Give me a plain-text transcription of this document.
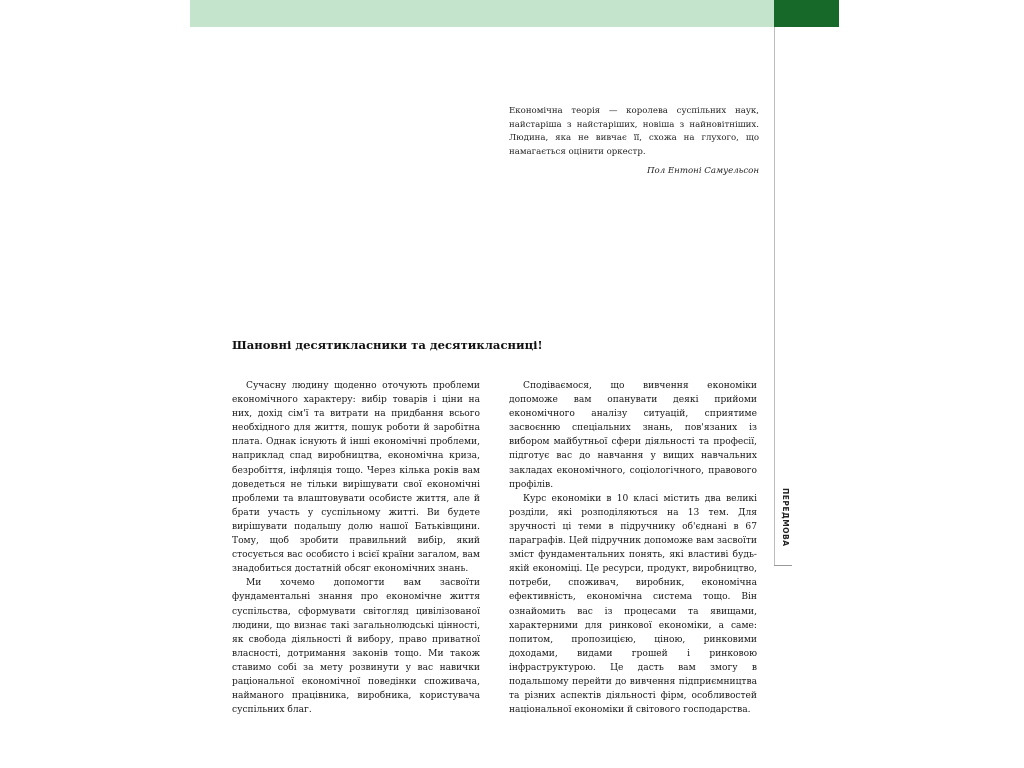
ПЕРЕДМОВА

Економічна теорія — королева суспільних наук, найстаріша з найстаріших, новіша з найновітніших. Людина, яка не вивчає її, схожа на глухого, що намагається оцінити оркестр.

Пол Ентоні Самуельсон

Шановні десятикласники та десятикласниці!

Сучасну людину щоденно оточують проблеми економічного характеру: вибір товарів і ціни на них, дохід сім'ї та витрати на придбання всього необхідного для життя, пошук роботи й заробітна плата. Однак існують й інші економічні проблеми, наприклад спад виробництва, економічна криза, безробіття, інфляція тощо. Через кілька років вам доведеться не тільки вирішувати свої економічні проблеми та влаштовувати особисте життя, але й брати участь у суспільному житті. Ви будете вирішувати подальшу долю нашої Батьківщини. Тому, щоб зробити правильний вибір, який стосується вас особисто і всієї країни загалом, вам знадобиться достатній обсяг економічних знань.

Ми хочемо допомогти вам засвоїти фундаментальні знання про економічне життя суспільства, сформувати світогляд цивілізованої людини, що визнає такі загальнолюдські цінності, як свобода діяльності й вибору, право приватної власності, дотримання законів тощо. Ми також ставимо собі за мету розвинути у вас навички раціональної економічної поведінки споживача, найманого працівника, виробника, користувача суспільних благ.

Сподіваємося, що вивчення економіки допоможе вам опанувати деякі прийоми економічного аналізу ситуацій, сприятиме засвоєнню спеціальних знань, пов'язаних із вибором майбутньої сфери діяльності та професії, підготує вас до навчання у вищих навчальних закладах економічного, соціологічного, правового профілів.

Курс економіки в 10 класі містить два великі розділи, які розподіляються на 13 тем. Для зручності ці теми в підручнику об'єднані в 67 параграфів. Цей підручник допоможе вам засвоїти зміст фундаментальних понять, які властиві будь-якій економіці. Це ресурси, продукт, виробництво, потреби, споживач, виробник, економічна ефективність, економічна система тощо. Він ознайомить вас із процесами та явищами, характерними для ринкової економіки, а саме: попитом, пропозицією, ціною, ринковими доходами, видами грошей і ринковою інфраструктурою. Це дасть вам змогу в подальшому перейти до вивчення підприємництва та різних аспектів діяльності фірм, особливостей національної економіки й світового господарства.
